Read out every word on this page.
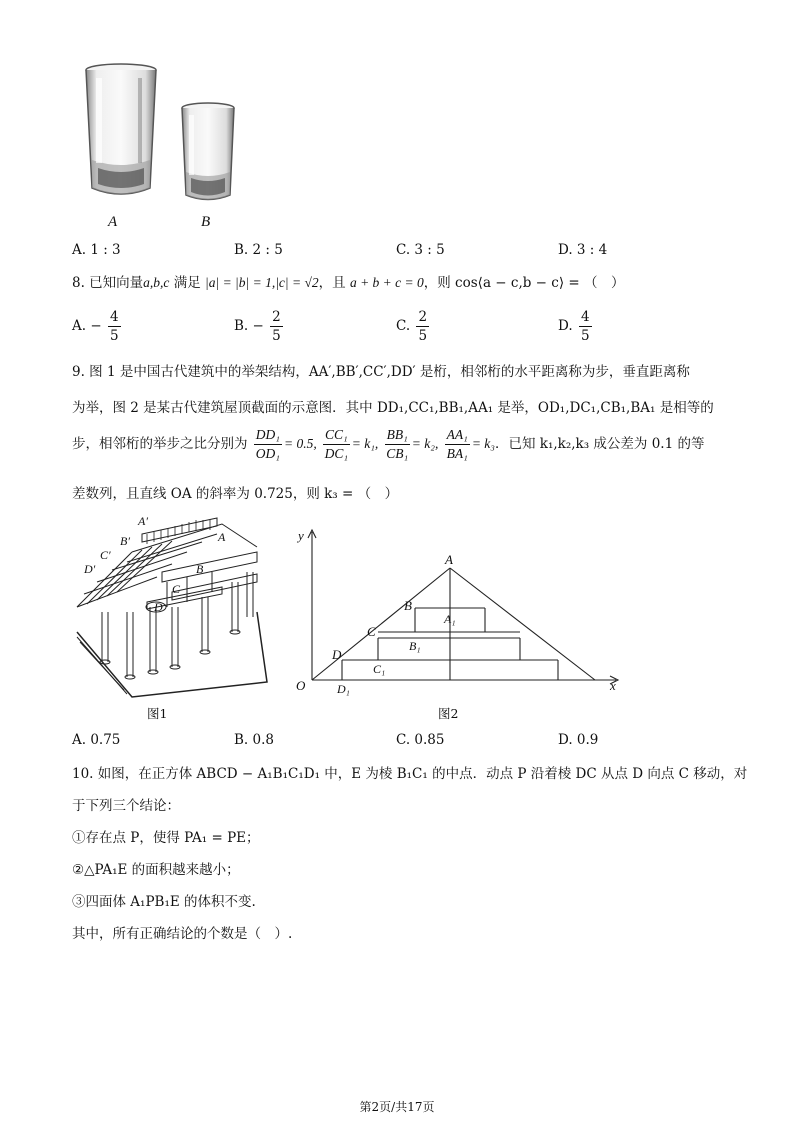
A	B
A. 1 : 3	B. 2 : 5	C. 3 : 5	D. 3 : 4
8. 已知向量a,b,c 满足 |a| = |b| = 1,|c| = √2，且 a + b + c = 0，则 cos⟨a − c,b − c⟩ = （　）
A. − $\frac{4}{5}$	B. − $\frac{2}{5}$	C. $\frac{2}{5}$	D. $\frac{4}{5}$
9. 图 1 是中国古代建筑中的举架结构，AA′,BB′,CC′,DD′ 是桁，相邻桁的水平距离称为步，垂直距离称
为举，图 2 是某古代建筑屋顶截面的示意图．其中 DD₁,CC₁,BB₁,AA₁ 是举，OD₁,DC₁,CB₁,BA₁ 是相等的
步，相邻桁的举步之比分别为 $\frac{\text{DD₁}}{\text{OD₁}} = 0.5$, $\frac{\text{CC₁}}{\text{DC₁}} = k_1$, $\frac{\text{BB₁}}{\text{CB₁}} = k_2$, $\frac{\text{AA₁}}{\text{BA₁}} = k_3$．已知 k₁,k₂,k₃ 成公差为 0.1 的等
差数列，且直线 OA 的斜率为 0.725，则 k₃ = （　）
A′
B′
C′
D′
A
B
C
D
图1
y
x
O
A
B
C
D
A₁
B₁
C₁
D₁
图2
A. 0.75	B. 0.8	C. 0.85	D. 0.9
10. 如图，在正方体 ABCD − A₁B₁C₁D₁ 中，E 为棱 B₁C₁ 的中点．动点 P 沿着棱 DC 从点 D 向点 C 移动，对
于下列三个结论：
①存在点 P，使得 PA₁ = PE；
②△PA₁E 的面积越来越小；
③四面体 A₁PB₁E 的体积不变.
其中，所有正确结论的个数是（　）.
第2页/共17页
